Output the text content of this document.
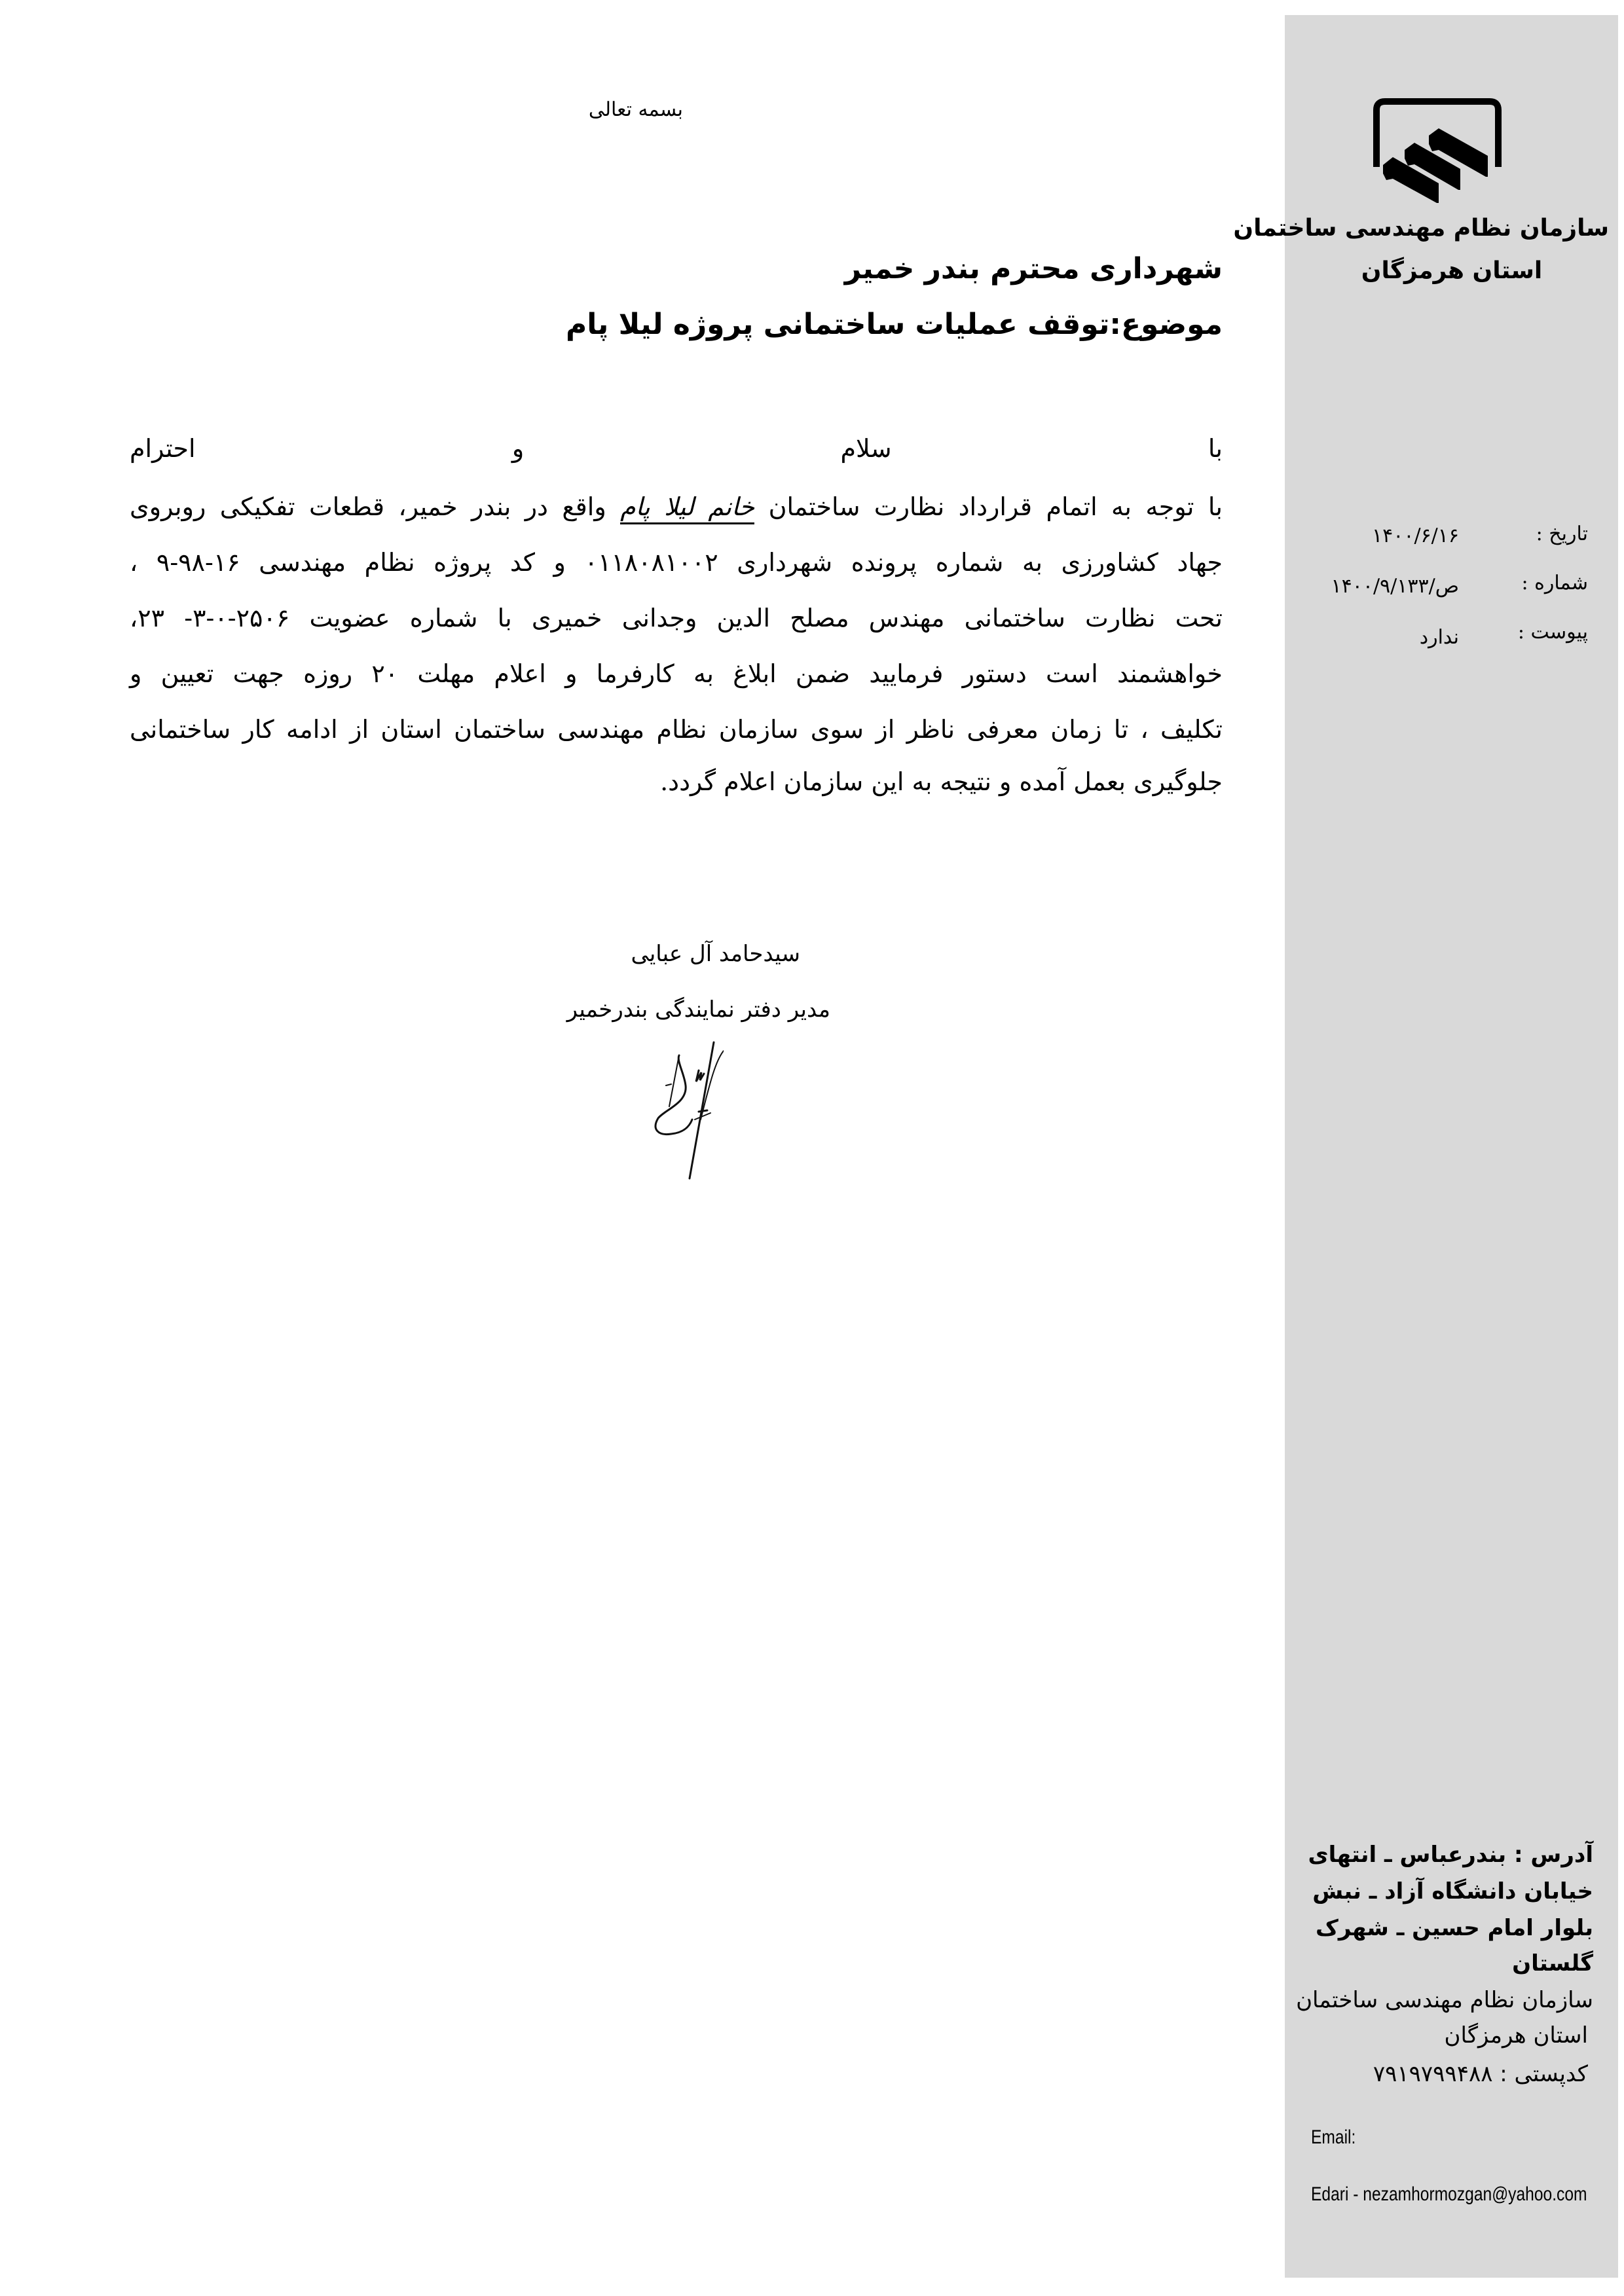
بسمه تعالی
شهرداری محترم بندر خمیر
موضوع:توقف عملیات ساختمانی پروژه لیلا پام
با
سلام
و
احترام
با توجه به اتمام قرارداد نظارت ساختمان خانم لیلا پام واقع در بندر خمیر، قطعات تفکیکی روبروی
جهاد کشاورزی به شماره پرونده شهرداری ۰۱۱۸۰۸۱۰۰۲ و کد پروژه نظام مهندسی ۱۶-۹۸-۹ ،
تحت نظارت ساختمانی مهندس مصلح الدین وجدانی خمیری با شماره عضویت ۲۵۰۶-۰-۳- ۲۳،
خواهشمند است دستور فرمایید ضمن ابلاغ به کارفرما و اعلام مهلت ۲۰ روزه جهت تعیین و
تکلیف ، تا زمان معرفی ناظر از سوی سازمان نظام مهندسی ساختمان استان از ادامه کار ساختمانی
جلوگیری بعمل آمده و نتیجه به این سازمان اعلام گردد.
سیدحامد آل عبایی
مدیر دفتر نمایندگی بندرخمیر
سازمان نظام مهندسی ساختمان
استان هرمزگان
تاریخ :
۱۴۰۰/۶/۱۶
شماره :
ص/۱۴۰۰/۹/۱۳۳
پیوست :
ندارد
آدرس : بندرعباس ـ انتهای
خیابان دانشگاه آزاد ـ نبش
بلوار امام حسین ـ شهرک
گلستان
سازمان نظام مهندسی ساختمان
استان هرمزگان
کدپستی : ۷۹۱۹۷۹۹۴۸۸
Email:
Edari - nezamhormozgan@yahoo.com
